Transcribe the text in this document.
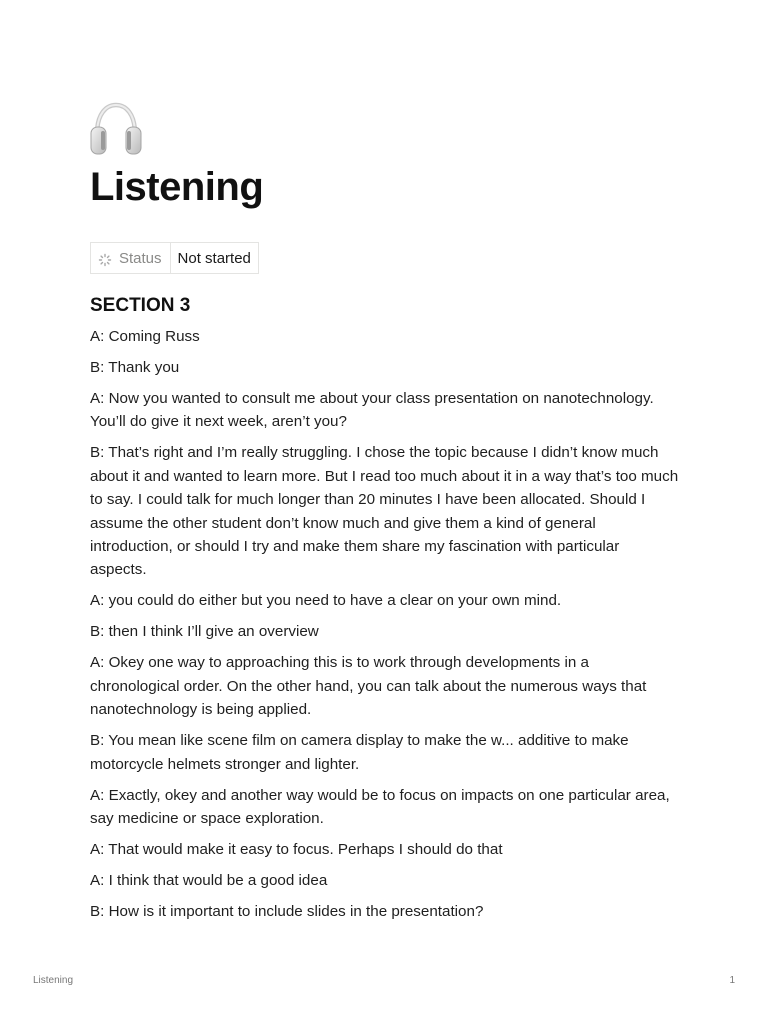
Listening
Status	Not started
SECTION 3
A: Coming Russ
B: Thank you
A: Now you wanted to consult me about your class presentation on nanotechnology. You’ll do give it next week, aren’t you?
B: That’s right and I’m really struggling. I chose the topic because I didn’t know much about it and wanted to learn more. But I read too much about it in a way that’s too much to say. I could talk for much longer than 20 minutes I have been allocated. Should I assume the other student don’t know much and give them a kind of general introduction, or should I try and make them share my fascination with particular aspects.
A: you could do either but you need to have a clear on your own mind.
B: then I think I’ll give an overview
A: Okey one way to approaching this is to work through developments in a chronological order. On the other hand, you can talk about the numerous ways that nanotechnology is being applied.
B: You mean like scene film on camera display to make the w... additive to make motorcycle helmets stronger and lighter.
A: Exactly, okey and another way would be to focus on impacts on one particular area, say medicine or space exploration.
A: That would make it easy to focus. Perhaps I should do that
A: I think that would be a good idea
B: How is it important to include slides in the presentation?
Listening	1
